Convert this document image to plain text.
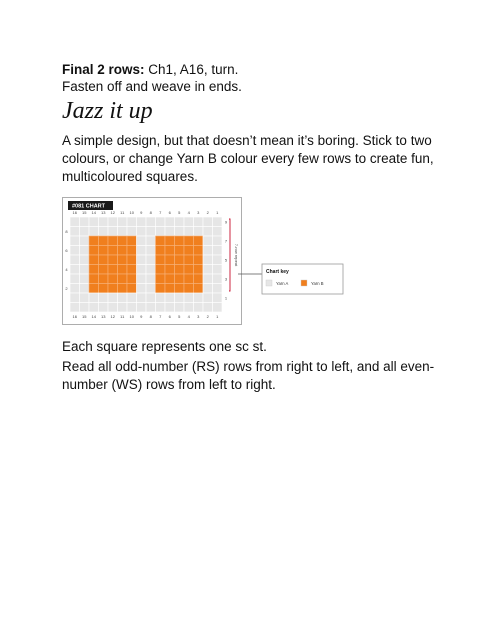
Final 2 rows: Ch1, A16, turn.

Fasten off and weave in ends.

Jazz it up

A simple design, but that doesn’t mean it’s boring. Stick to two colours, or change Yarn B colour every few rows to create fun, multicoloured squares.

#081 CHART
16
16
15
15
14
14
13
13
12
12
11
11
10
10
9
9
8
8
7
7
6
6
5
5
4
4
3
3
2
2
1
1
8
6
4
2
9
7
5
3
1
7-row repeat
Chart key
Yarn A	Yarn B

Each square represents one sc st.

Read all odd-number (RS) rows from right to left, and all even-number (WS) rows from left to right.
